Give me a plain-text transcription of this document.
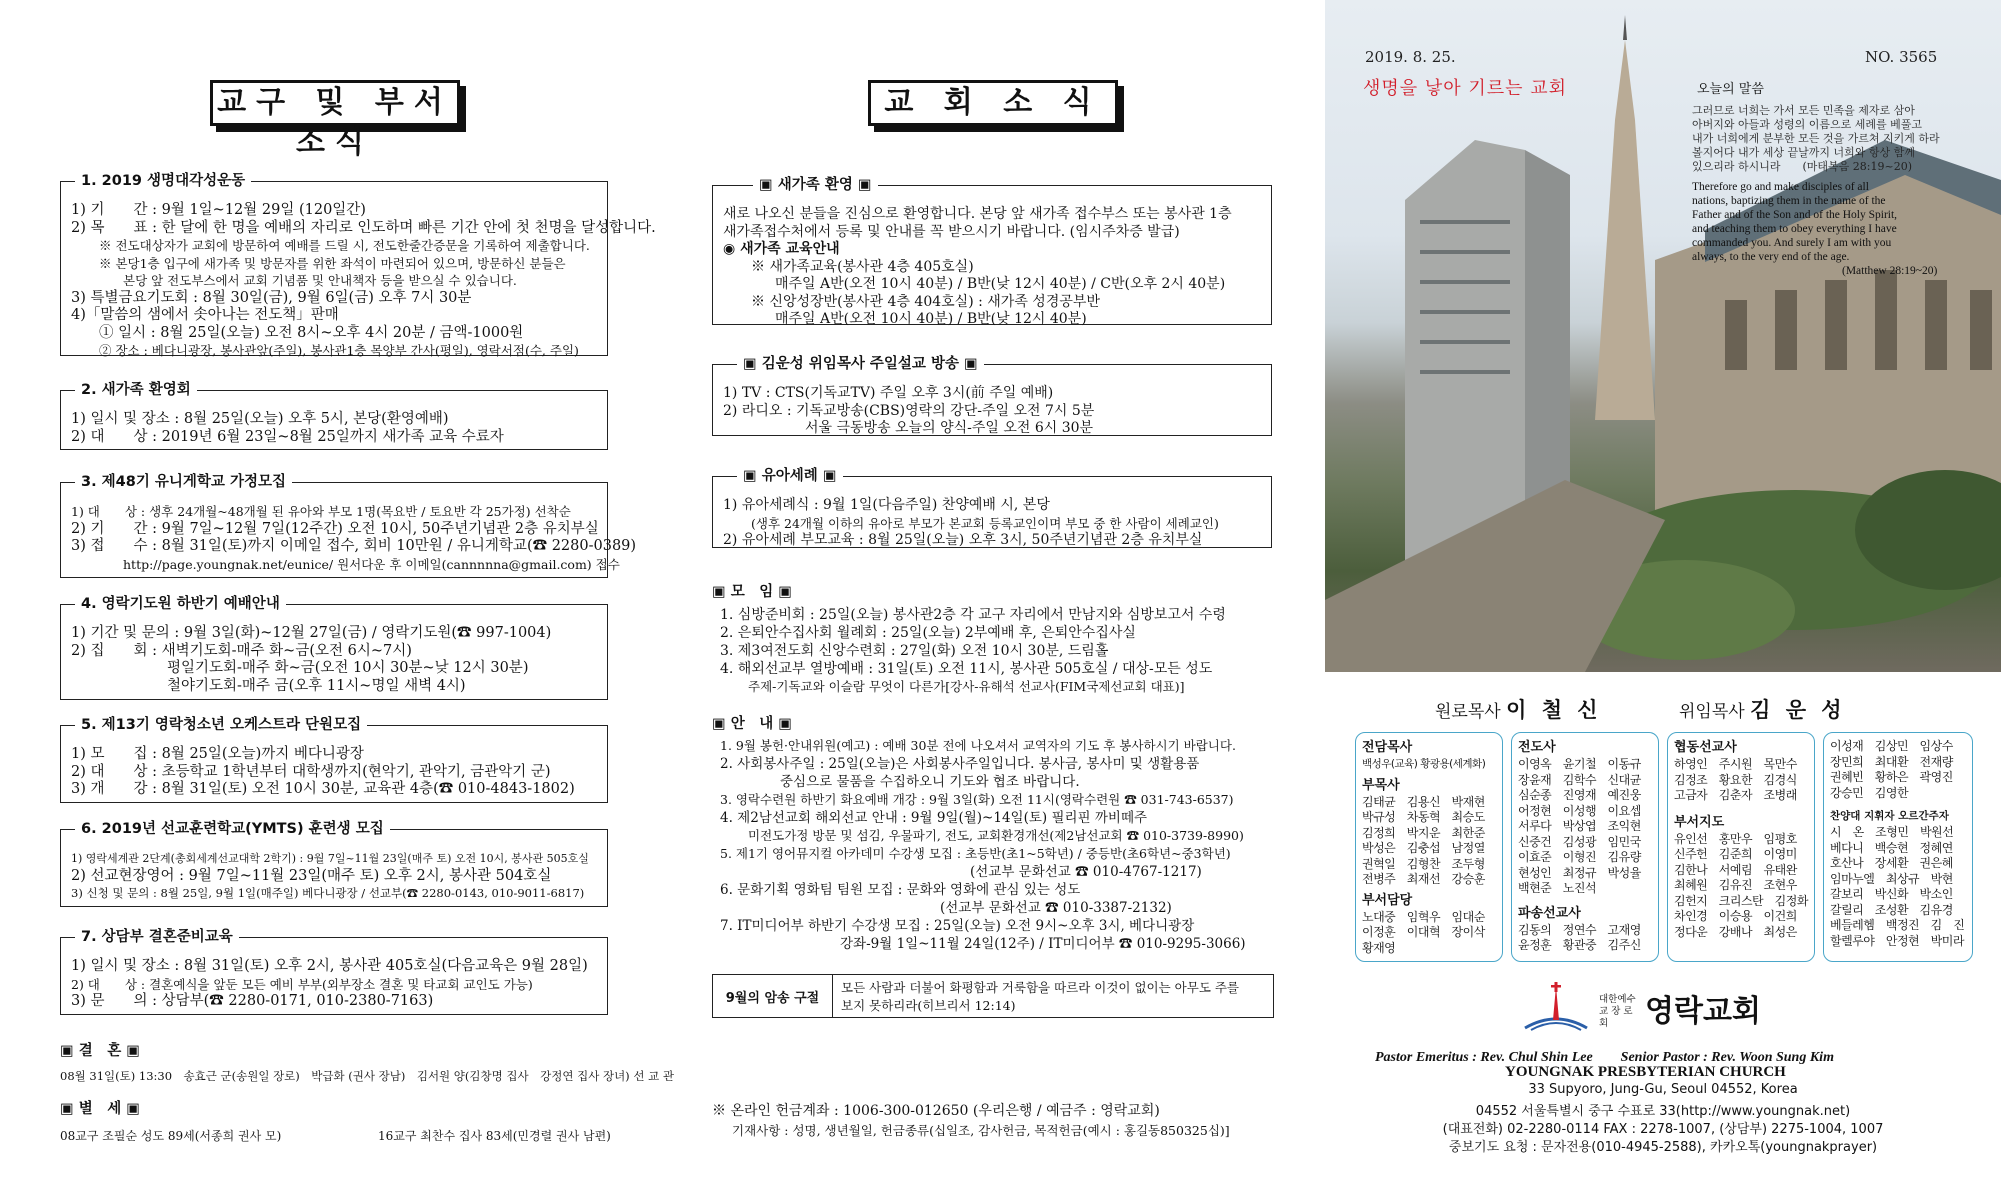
교구 및 부서소식
1. 2019 생명대각성운동
1) 기　　간 : 9월 1일~12월 29일 (120일간)
2) 목　　표 : 한 달에 한 명을 예배의 자리로 인도하며 빠른 기간 안에 첫 천명을 달성합니다.
※ 전도대상자가 교회에 방문하여 예배를 드릴 시, 전도한줄간증문을 기록하여 제출합니다.
※ 본당1층 입구에 새가족 및 방문자를 위한 좌석이 마련되어 있으며, 방문하신 분들은
본당 앞 전도부스에서 교회 기념품 및 안내책자 등을 받으실 수 있습니다.
3) 특별금요기도회 : 8월 30일(금), 9월 6일(금) 오후 7시 30분
4)「말씀의 샘에서 솟아나는 전도책」판매
① 일시 : 8월 25일(오늘) 오전 8시~오후 4시 20분 / 금액-1000원
② 장소 : 베다니광장, 봉사관앞(주일), 봉사관1층 목양부 간사(평일), 영락서점(수, 주일)
2. 새가족 환영회
1) 일시 및 장소 : 8월 25일(오늘) 오후 5시, 본당(환영예배)
2) 대　　상 : 2019년 6월 23일~8월 25일까지 새가족 교육 수료자
3. 제48기 유니게학교 가정모집
1) 대　　상 : 생후 24개월~48개월 된 유아와 부모 1명(목요반 / 토요반 각 25가정) 선착순
2) 기　　간 : 9월 7일~12월 7일(12주간) 오전 10시, 50주년기념관 2층 유치부실
3) 접　　수 : 8월 31일(토)까지 이메일 접수, 회비 10만원 / 유니게학교(☎ 2280-0389)
http://page.youngnak.net/eunice/ 원서다운 후 이메일(cannnnna@gmail.com) 접수
4. 영락기도원 하반기 예배안내
1) 기간 및 문의 : 9월 3일(화)~12월 27일(금) / 영락기도원(☎ 997-1004)
2) 집　　회 : 새벽기도회-매주 화~금(오전 6시~7시)
평일기도회-매주 화~금(오전 10시 30분~낮 12시 30분)
철야기도회-매주 금(오후 11시~명일 새벽 4시)
5. 제13기 영락청소년 오케스트라 단원모집
1) 모　　집 : 8월 25일(오늘)까지 베다니광장
2) 대　　상 : 초등학교 1학년부터 대학생까지(현악기, 관악기, 금관악기 군)
3) 개　　강 : 8월 31일(토) 오전 10시 30분, 교육관 4층(☎ 010-4843-1802)
6. 2019년 선교훈련학교(YMTS) 훈련생 모집
1) 영락세계관 2단계(총회세계선교대학 2학기) : 9월 7일~11월 23일(매주 토) 오전 10시, 봉사관 505호실
2) 선교현장영어 : 9월 7일~11월 23일(매주 토) 오후 2시, 봉사관 504호실
3) 신청 및 문의 : 8월 25일, 9월 1일(매주일) 베다니광장 / 선교부(☎ 2280-0143, 010-9011-6817)
7. 상담부 결혼준비교육
1) 일시 및 장소 : 8월 31일(토) 오후 2시, 봉사관 405호실(다음교육은 9월 28일)
2) 대　　상 : 결혼예식을 앞둔 모든 예비 부부(외부장소 결혼 및 타교회 교인도 가능)
3) 문　　의 : 상담부(☎ 2280-0171, 010-2380-7163)
▣ 결　혼 ▣
08월 31일(토) 13:30　송효근 군(송원일 장로)　박급화 (권사 장남)　김서원 양(김창명 집사　강정연 집사 장녀) 선 교 관
▣ 별　세 ▣
08교구 조필순 성도 89세(서종희 권사 모)	16교구 최찬수 집사 83세(민경렬 권사 남편)
교 회 소 식
▣ 새가족 환영 ▣
새로 나오신 분들을 진심으로 환영합니다. 본당 앞 새가족 접수부스 또는 봉사관 1층
새가족접수처에서 등록 및 안내를 꼭 받으시기 바랍니다. (임시주차증 발급)
◉ 새가족 교육안내
※ 새가족교육(봉사관 4층 405호실)
매주일 A반(오전 10시 40분) / B반(낮 12시 40분) / C반(오후 2시 40분)
※ 신앙성장반(봉사관 4층 404호실) : 새가족 성경공부반
매주일 A반(오전 10시 40분) / B반(낮 12시 40분)
▣ 김운성 위임목사 주일설교 방송 ▣
1) TV : CTS(기독교TV) 주일 오후 3시(前 주일 예배)
2) 라디오 : 기독교방송(CBS)영락의 강단-주일 오전 7시 5분
서울 극동방송 오늘의 양식-주일 오전 6시 30분
▣ 유아세례 ▣
1) 유아세례식 : 9월 1일(다음주일) 찬양예배 시, 본당
(생후 24개월 이하의 유아로 부모가 본교회 등록교인이며 부모 중 한 사람이 세례교인)
2) 유아세례 부모교육 : 8월 25일(오늘) 오후 3시, 50주년기념관 2층 유치부실
▣ 모　임 ▣
1. 심방준비회 : 25일(오늘) 봉사관2층 각 교구 자리에서 만남지와 심방보고서 수령
2. 은퇴안수집사회 월례회 : 25일(오늘) 2부예배 후, 은퇴안수집사실
3. 제3여전도회 신앙수련회 : 27일(화) 오전 10시 30분, 드림홀
4. 해외선교부 열방예배 : 31일(토) 오전 11시, 봉사관 505호실 / 대상-모든 성도
주제-기독교와 이슬람 무엇이 다른가[강사-유해석 선교사(FIM국제선교회 대표)]
▣ 안　내 ▣
1. 9월 봉헌·안내위원(예고) : 예배 30분 전에 나오셔서 교역자의 기도 후 봉사하시기 바랍니다.
2. 사회봉사주일 : 25일(오늘)은 사회봉사주일입니다. 봉사금, 봉사미 및 생활용품
중심으로 물품을 수집하오니 기도와 협조 바랍니다.
3. 영락수련원 하반기 화요예배 개강 : 9월 3일(화) 오전 11시(영락수련원 ☎ 031-743-6537)
4. 제2남선교회 해외선교 안내 : 9월 9일(월)~14일(토) 필리핀 까비떼주
미전도가정 방문 및 섬김, 우물파기, 전도, 교회환경개선(제2남선교회 ☎ 010-3739-8990)
5. 제1기 영어뮤지컬 아카데미 수강생 모집 : 초등반(초1~5학년) / 중등반(초6학년~중3학년)
(선교부 문화선교 ☎ 010-4767-1217)
6. 문화기획 영화팀 팀원 모집 : 문화와 영화에 관심 있는 성도
(선교부 문화선교 ☎ 010-3387-2132)
7. IT미디어부 하반기 수강생 모집 : 25일(오늘) 오전 9시~오후 3시, 베다니광장
강좌-9월 1일~11월 24일(12주) / IT미디어부 ☎ 010-9295-3066)
9월의 암송 구절
모든 사람과 더불어 화평함과 거룩함을 따르라 이것이 없이는 아무도 주를
보지 못하리라(히브리서 12:14)
※ 온라인 헌금계좌 : 1006-300-012650 (우리은행 / 예금주 : 영락교회)
기재사항 : 성명, 생년월일, 헌금종류(십일조, 감사헌금, 목적헌금(예시 : 홍길동850325십)]
2019. 8. 25.
생명을 낳아 기르는 교회
NO. 3565
오늘의 말씀
그러므로 너희는 가서 모든 민족을 제자로 삼아
아버지와 아들과 성령의 이름으로 세례를 베풀고
내가 너희에게 분부한 모든 것을 가르쳐 지키게 하라
볼지어다 내가 세상 끝날까지 너희와 항상 함께
있으리라 하시니라　　(마태복음 28:19~20)
Therefore go and make disciples of all
nations, baptizing them in the name of the
Father and of the Son and of the Holy Spirit,
and teaching them to obey everything I have
commanded you. And surely I am with you
always, to the very end of the age.
(Matthew 28:19~20)
원로목사 이 철 신	위임목사 김 운 성
전담목사
백성우(교육) 황광용(세계화)
부목사
김태균　김용신　박재현
박규성　차동혁　최승도
김정희　박지운　최한준
박성은　김충섭　남정열
권혁일　김형찬　조두형
전병주　최재선　강승훈
부서담당
노대중　임혁우　임대순
이정훈　이대혁　장이삭
황재영
전도사
이영옥　윤기철　이동규
장윤재　김학수　신대균
심순종　진영재　예진웅
어정현　이성행　이요셉
서루다　박상엽　조익현
신중건　김성광　임민국
이효준　이형진　김유량
현성인　최정규　박성율
백현준　노진석
파송선교사
김동의　정연수　고재영
윤정훈　황관중　김주신
협동선교사
하영인　주시원　목만수
김정조　황요한　김경식
고금자　김춘자　조병래
부서지도
유인선　홍만우　임평호
신주헌　김준희　이영미
김한나　서예림　유태완
최혜원　김유진　조현우
김헌지　크리스탄　김정화
차인경　이승용　이건희
정다운　강배나　최성은
이성재　김상민　임상수
장민희　최대환　전재량
권혜빈　황하은　곽영진
강승민　김영한
찬양대 지휘자 오르간주자
시　온　조형민　박원선
베다니　백승현　정혜연
호산나　장세환　권은혜
임마누엘　최상규　박현
갈보리　박신화　박소인
갈릴리　조성환　김유경
베들레헴　백정진　김　진
할렐루야　안정현　박미라
대한예수교 장 로 회	영락교회
Pastor Emeritus : Rev. Chul Shin Lee　　Senior Pastor : Rev. Woon Sung Kim
YOUNGNAK PRESBYTERIAN CHURCH
33 Supyoro, Jung-Gu, Seoul 04552, Korea
04552 서울특별시 중구 수표로 33(http://www.youngnak.net)
(대표전화) 02-2280-0114 FAX : 2278-1007, (상담부) 2275-1004, 1007
중보기도 요청 : 문자전용(010-4945-2588), 카카오톡(youngnakprayer)
